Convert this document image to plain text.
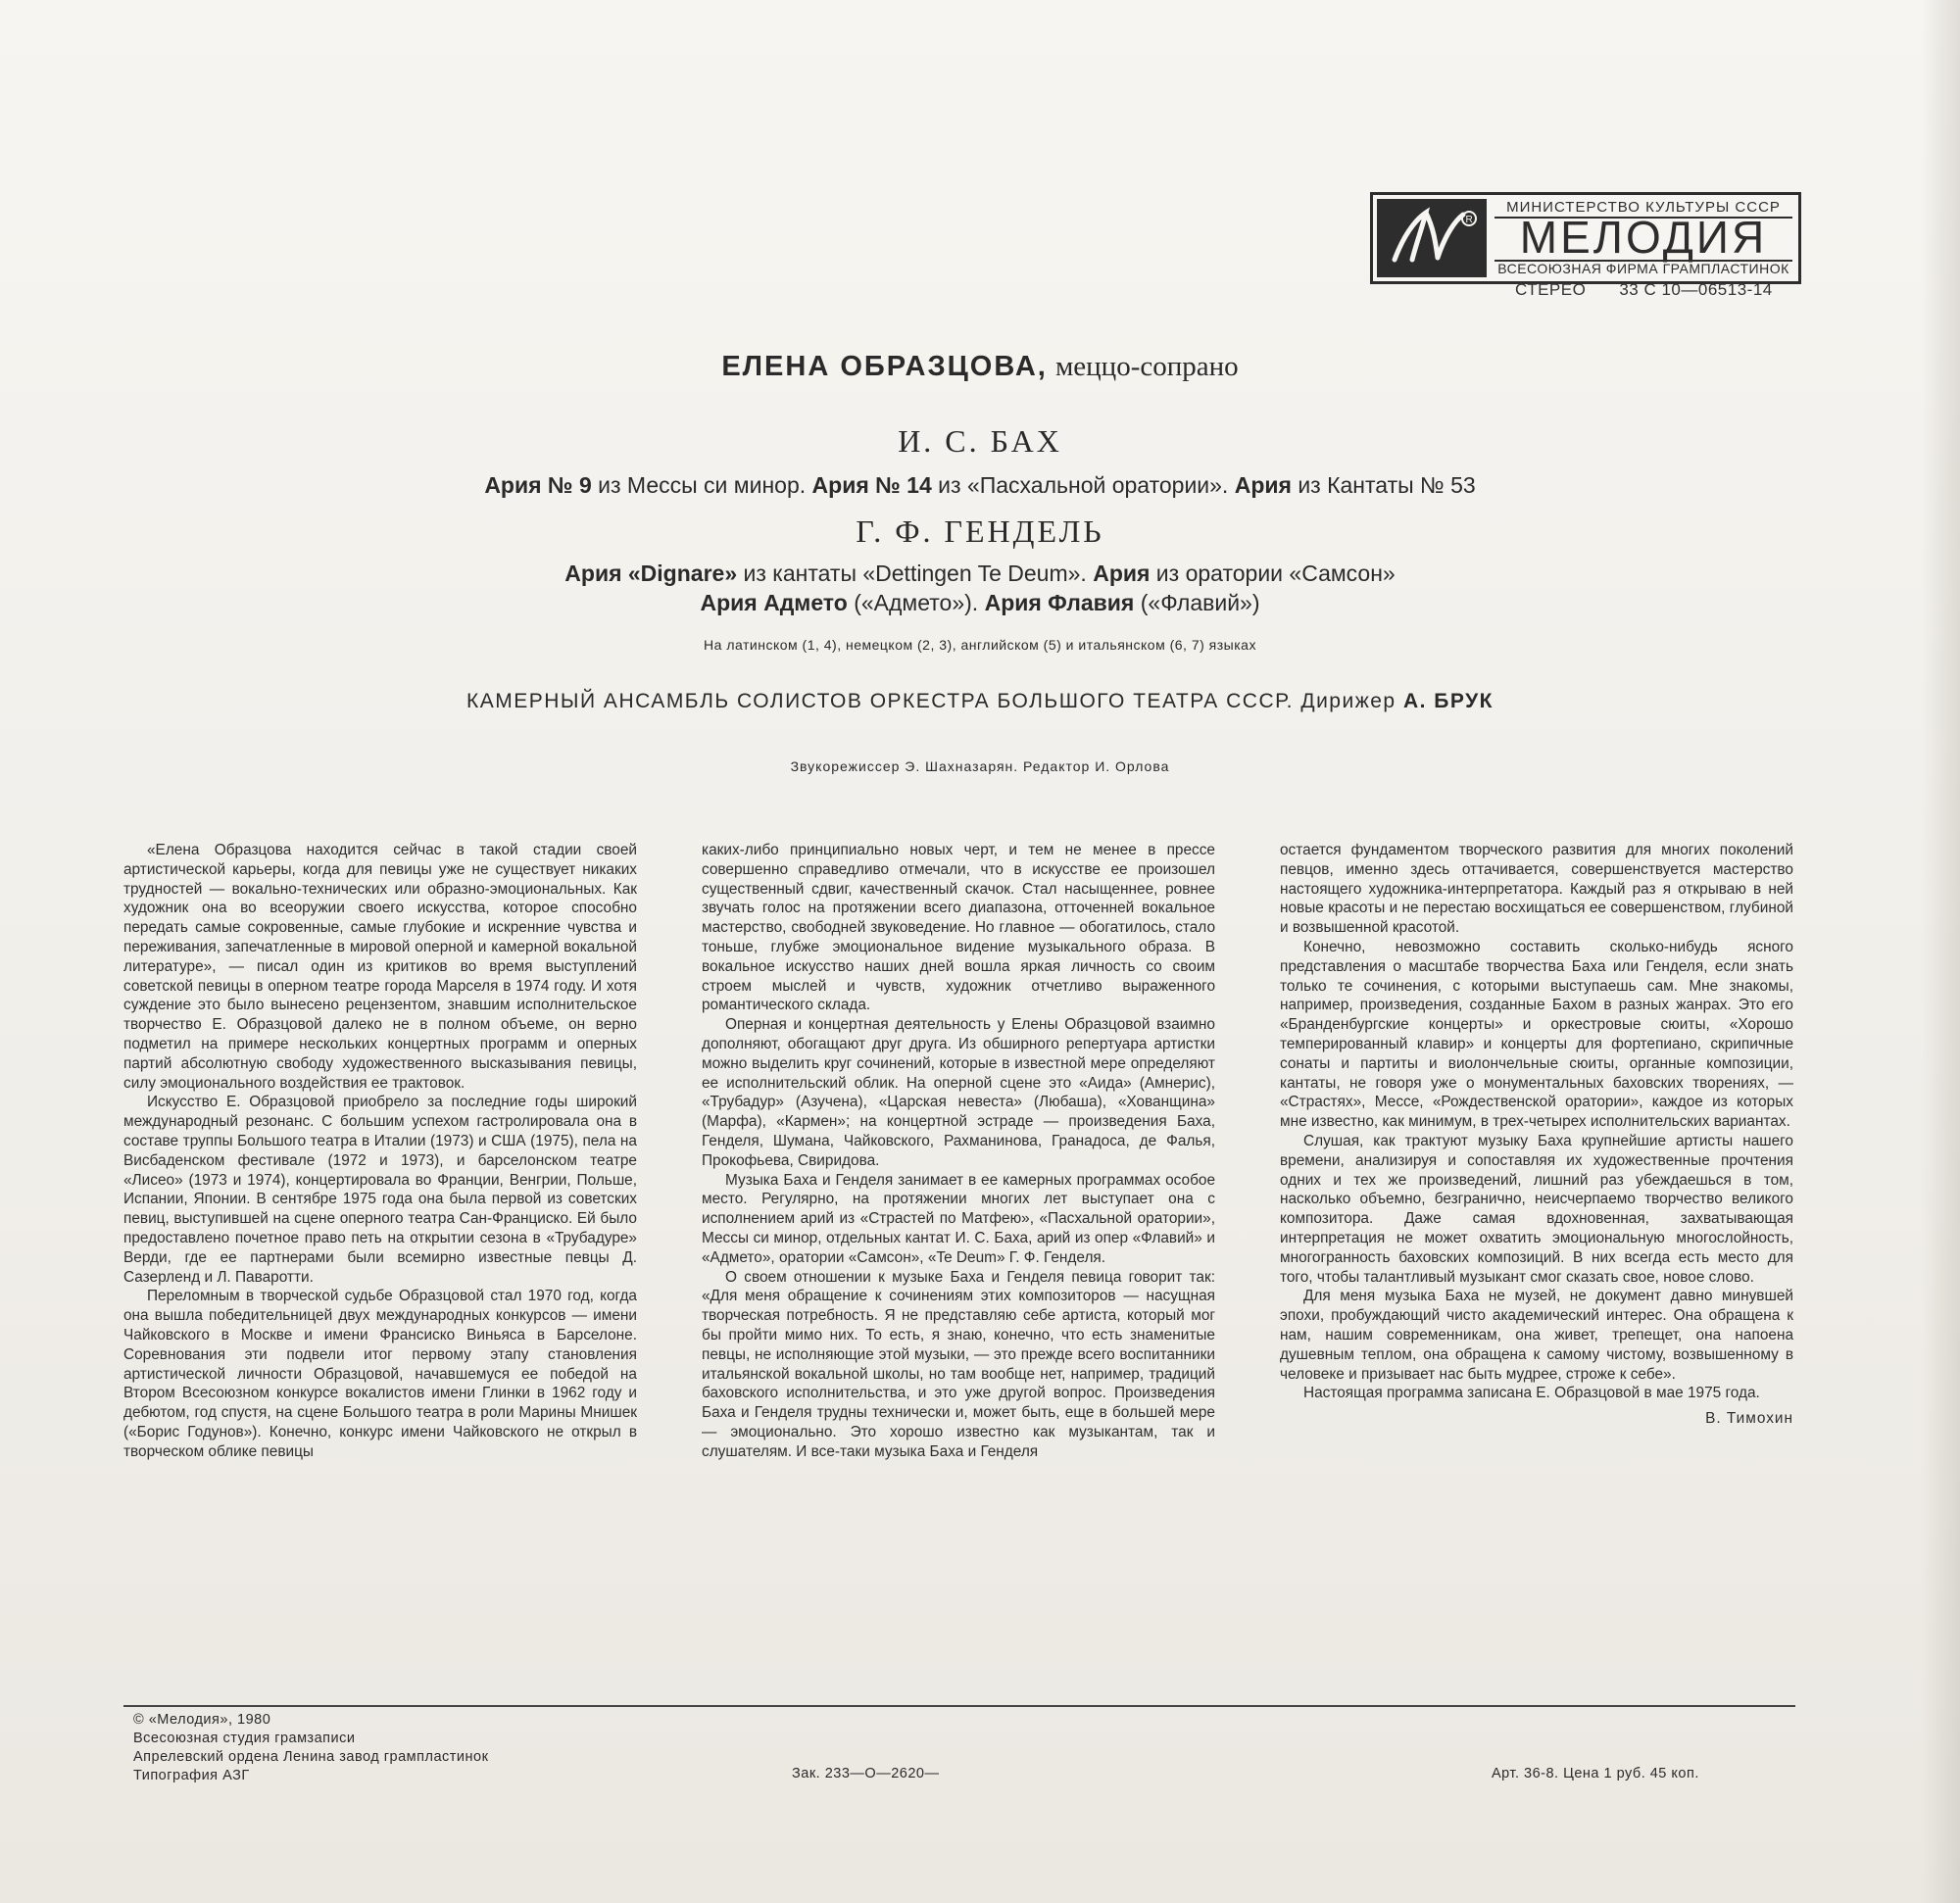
R
МИНИСТЕРСТВО КУЛЬТУРЫ СССР
МЕЛОДИЯ
ВСЕСОЮЗНАЯ ФИРМА ГРАМПЛАСТИНОК
СТЕРЕО 33 С 10—06513-14
ЕЛЕНА ОБРАЗЦОВА, меццо-сопрано
И. С. БАХ
Ария № 9 из Мессы си минор. Ария № 14 из «Пасхальной оратории». Ария из Кантаты № 53
Г. Ф. ГЕНДЕЛЬ
Ария «Dignare» из кантаты «Dettingen Te Deum». Ария из оратории «Самсон»
Ария Адмето («Адмето»). Ария Флавия («Флавий»)
На латинском (1, 4), немецком (2, 3), английском (5) и итальянском (6, 7) языках
КАМЕРНЫЙ АНСАМБЛЬ СОЛИСТОВ ОРКЕСТРА БОЛЬШОГО ТЕАТРА СССР. Дирижер А. БРУК
Звукорежиссер Э. Шахназарян. Редактор И. Орлова

«Елена Образцова находится сейчас в такой стадии своей артистической карьеры, когда для певицы уже не существует никаких трудностей — вокально-технических или образно-эмоциональных. Как художник она во всеоружии своего искусства, которое способно передать самые сокровенные, самые глубокие и искренние чувства и переживания, запечатленные в мировой оперной и камерной вокальной литературе», — писал один из критиков во время выступлений советской певицы в оперном театре города Марселя в 1974 году. И хотя суждение это было вынесено рецензентом, знавшим исполнительское творчество Е. Образцовой далеко не в полном объеме, он верно подметил на примере нескольких концертных программ и оперных партий абсолютную свободу художественного высказывания певицы, силу эмоционального воздействия ее трактовок.

Искусство Е. Образцовой приобрело за последние годы широкий международный резонанс. С большим успехом гастролировала она в составе труппы Большого театра в Италии (1973) и США (1975), пела на Висбаденском фестивале (1972 и 1973), и барселонском театре «Лисео» (1973 и 1974), концертировала во Франции, Венгрии, Польше, Испании, Японии. В сентябре 1975 года она была первой из советских певиц, выступившей на сцене оперного театра Сан-Франциско. Ей было предоставлено почетное право петь на открытии сезона в «Трубадуре» Верди, где ее партнерами были всемирно известные певцы Д. Сазерленд и Л. Паваротти.

Переломным в творческой судьбе Образцовой стал 1970 год, когда она вышла победительницей двух международных конкурсов — имени Чайковского в Москве и имени Франсиско Виньяса в Барселоне. Соревнования эти подвели итог первому этапу становления артистической личности Образцовой, начавшемуся ее победой на Втором Всесоюзном конкурсе вокалистов имени Глинки в 1962 году и дебютом, год спустя, на сцене Большого театра в роли Марины Мнишек («Борис Годунов»). Конечно, конкурс имени Чайковского не открыл в творческом облике певицы

каких-либо принципиально новых черт, и тем не менее в прессе совершенно справедливо отмечали, что в искусстве ее произошел существенный сдвиг, качественный скачок. Стал насыщеннее, ровнее звучать голос на протяжении всего диапазона, отточенней вокальное мастерство, свободней звуковедение. Но главное — обогатилось, стало тоньше, глубже эмоциональное видение музыкального образа. В вокальное искусство наших дней вошла яркая личность со своим строем мыслей и чувств, художник отчетливо выраженного романтического склада.

Оперная и концертная деятельность у Елены Образцовой взаимно дополняют, обогащают друг друга. Из обширного репертуара артистки можно выделить круг сочинений, которые в известной мере определяют ее исполнительский облик. На оперной сцене это «Аида» (Амнерис), «Трубадур» (Азучена), «Царская невеста» (Любаша), «Хованщина» (Марфа), «Кармен»; на концертной эстраде — произведения Баха, Генделя, Шумана, Чайковского, Рахманинова, Гранадоса, де Фалья, Прокофьева, Свиридова.

Музыка Баха и Генделя занимает в ее камерных программах особое место. Регулярно, на протяжении многих лет выступает она с исполнением арий из «Страстей по Матфею», «Пасхальной оратории», Мессы си минор, отдельных кантат И. С. Баха, арий из опер «Флавий» и «Адмето», оратории «Самсон», «Te Deum» Г. Ф. Генделя.

О своем отношении к музыке Баха и Генделя певица говорит так: «Для меня обращение к сочинениям этих композиторов — насущная творческая потребность. Я не представляю себе артиста, который мог бы пройти мимо них. То есть, я знаю, конечно, что есть знаменитые певцы, не исполняющие этой музыки, — это прежде всего воспитанники итальянской вокальной школы, но там вообще нет, например, традиций баховского исполнительства, и это уже другой вопрос. Произведения Баха и Генделя трудны технически и, может быть, еще в большей мере — эмоционально. Это хорошо известно как музыкантам, так и слушателям. И все-таки музыка Баха и Генделя

остается фундаментом творческого развития для многих поколений певцов, именно здесь оттачивается, совершенствуется мастерство настоящего художника-интерпретатора. Каждый раз я открываю в ней новые красоты и не перестаю восхищаться ее совершенством, глубиной и возвышенной красотой.

Конечно, невозможно составить сколько-нибудь ясного представления о масштабе творчества Баха или Генделя, если знать только те сочинения, с которыми выступаешь сам. Мне знакомы, например, произведения, созданные Бахом в разных жанрах. Это его «Бранденбургские концерты» и оркестровые сюиты, «Хорошо темперированный клавир» и концерты для фортепиано, скрипичные сонаты и партиты и виолончельные сюиты, органные композиции, кантаты, не говоря уже о монументальных баховских творениях, — «Страстях», Мессе, «Рождественской оратории», каждое из которых мне известно, как минимум, в трех-четырех исполнительских вариантах.

Слушая, как трактуют музыку Баха крупнейшие артисты нашего времени, анализируя и сопоставляя их художественные прочтения одних и тех же произведений, лишний раз убеждаешься в том, насколько объемно, безгранично, неисчерпаемо творчество великого композитора. Даже самая вдохновенная, захватывающая интерпретация не может охватить эмоциональную многослойность, многогранность баховских композиций. В них всегда есть место для того, чтобы талантливый музыкант смог сказать свое, новое слово.

Для меня музыка Баха не музей, не документ давно минувшей эпохи, пробуждающий чисто академический интерес. Она обращена к нам, нашим современникам, она живет, трепещет, она напоена душевным теплом, она обращена к самому чистому, возвышенному в человеке и призывает нас быть мудрее, строже к себе».

Настоящая программа записана Е. Образцовой в мае 1975 года.

В. Тимохин
© «Мелодия», 1980
Всесоюзная студия грамзаписи
Апрелевский ордена Ленина завод грампластинок
Типография АЗГ	Зак. 233—О—2620—	Арт. 36-8. Цена 1 руб. 45 коп.
